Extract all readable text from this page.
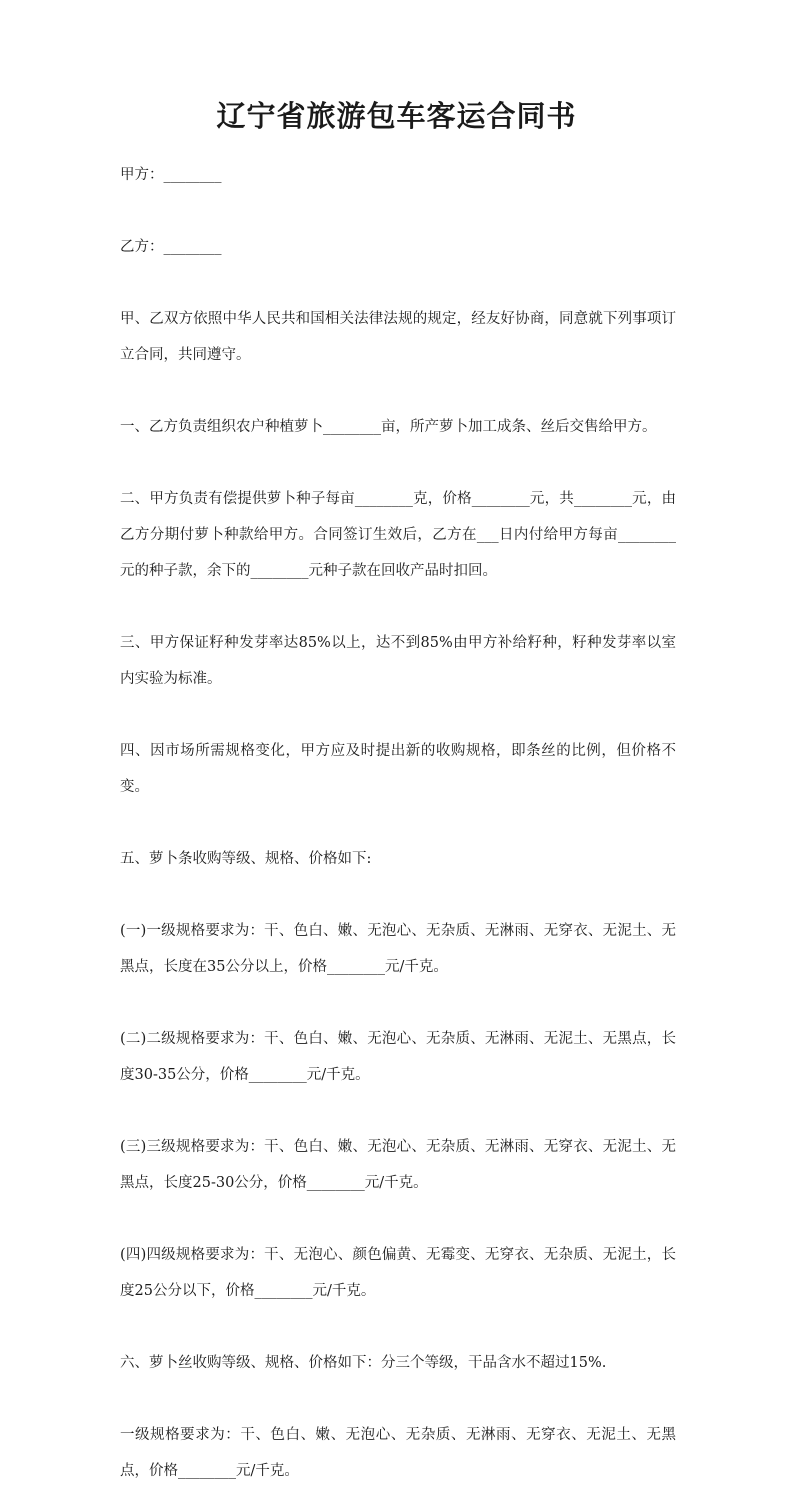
辽宁省旅游包车客运合同书

甲方：________

乙方：________

甲、乙双方依照中华人民共和国相关法律法规的规定，经友好协商，同意就下列事项订立合同，共同遵守。

一、乙方负责组织农户种植萝卜________亩，所产萝卜加工成条、丝后交售给甲方。

二、甲方负责有偿提供萝卜种子每亩________克，价格________元，共________元，由乙方分期付萝卜种款给甲方。合同签订生效后，乙方在___日内付给甲方每亩________元的种子款，余下的________元种子款在回收产品时扣回。

三、甲方保证籽种发芽率达85%以上，达不到85%由甲方补给籽种，籽种发芽率以室内实验为标准。

四、因市场所需规格变化，甲方应及时提出新的收购规格，即条丝的比例，但价格不变。

五、萝卜条收购等级、规格、价格如下:

(一)一级规格要求为：干、色白、嫩、无泡心、无杂质、无淋雨、无穿衣、无泥土、无黑点，长度在35公分以上，价格________元/千克。

(二)二级规格要求为：干、色白、嫩、无泡心、无杂质、无淋雨、无泥土、无黑点，长度30-35公分，价格________元/千克。

(三)三级规格要求为：干、色白、嫩、无泡心、无杂质、无淋雨、无穿衣、无泥土、无黑点，长度25-30公分，价格________元/千克。

(四)四级规格要求为：干、无泡心、颜色偏黄、无霉变、无穿衣、无杂质、无泥土，长度25公分以下，价格________元/千克。

六、萝卜丝收购等级、规格、价格如下：分三个等级，干品含水不超过15%.

一级规格要求为：干、色白、嫩、无泡心、无杂质、无淋雨、无穿衣、无泥土、无黑点，价格________元/千克。
